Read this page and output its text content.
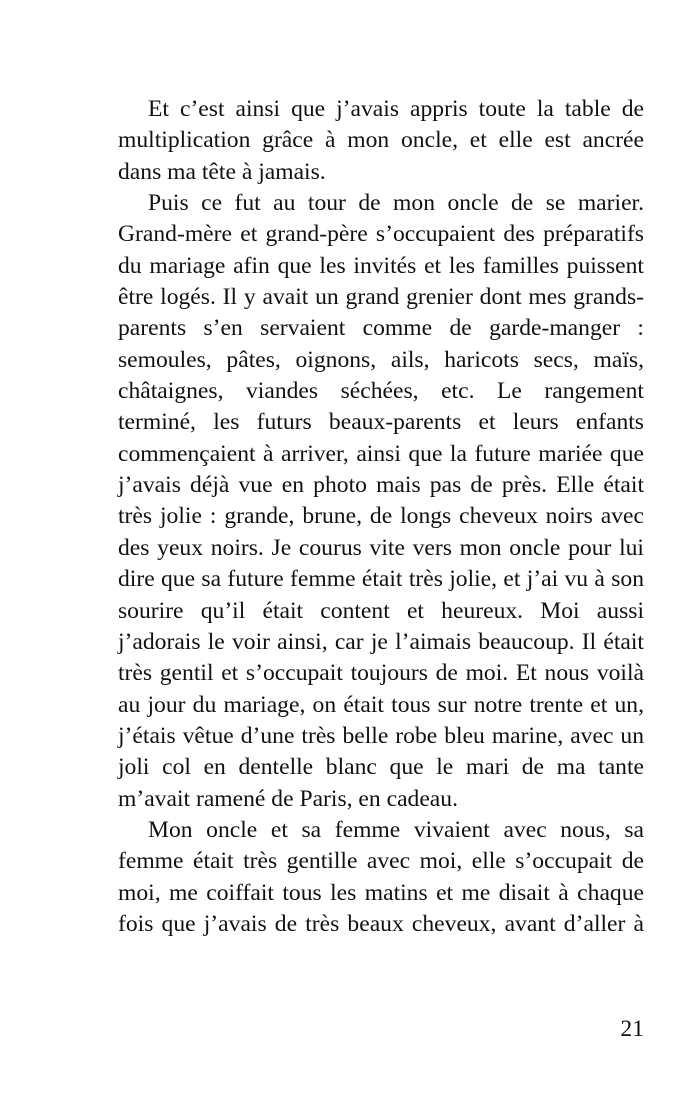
Et c’est ainsi que j’avais appris toute la table de multiplication grâce à mon oncle, et elle est ancrée dans ma tête à jamais.

Puis ce fut au tour de mon oncle de se marier. Grand-mère et grand-père s’occupaient des préparatifs du mariage afin que les invités et les familles puissent être logés. Il y avait un grand grenier dont mes grands-parents s’en servaient comme de garde-manger : semoules, pâtes, oignons, ails, haricots secs, maïs, châtaignes, viandes séchées, etc. Le rangement terminé, les futurs beaux-parents et leurs enfants commençaient à arriver, ainsi que la future mariée que j’avais déjà vue en photo mais pas de près. Elle était très jolie : grande, brune, de longs cheveux noirs avec des yeux noirs. Je courus vite vers mon oncle pour lui dire que sa future femme était très jolie, et j’ai vu à son sourire qu’il était content et heureux. Moi aussi j’adorais le voir ainsi, car je l’aimais beaucoup. Il était très gentil et s’occupait toujours de moi. Et nous voilà au jour du mariage, on était tous sur notre trente et un, j’étais vêtue d’une très belle robe bleu marine, avec un joli col en dentelle blanc que le mari de ma tante m’avait ramené de Paris, en cadeau.

Mon oncle et sa femme vivaient avec nous, sa femme était très gentille avec moi, elle s’occupait de moi, me coiffait tous les matins et me disait à chaque fois que j’avais de très beaux cheveux, avant d’aller à

21
